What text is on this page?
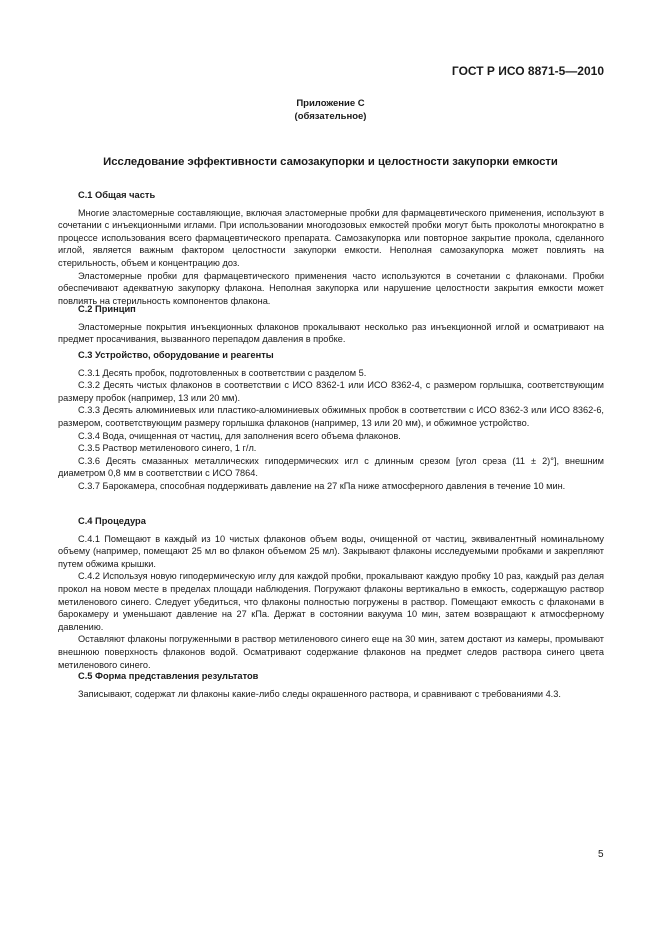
ГОСТ Р ИСО 8871-5—2010
Приложение С
(обязательное)
Исследование эффективности самозакупорки и целостности закупорки емкости
С.1 Общая часть

Многие эластомерные составляющие, включая эластомерные пробки для фармацевтического применения, используют в сочетании с инъекционными иглами. При использовании многодозовых емкостей пробки могут быть проколоты многократно в процессе использования всего фармацевтического препарата. Самозакупорка или повторное закрытие прокола, сделанного иглой, является важным фактором целостности закупорки емкости. Неполная самозакупорка может повлиять на стерильность, объем и концентрацию доз.

Эластомерные пробки для фармацевтического применения часто используются в сочетании с флаконами. Пробки обеспечивают адекватную закупорку флакона. Неполная закупорка или нарушение целостности закрытия емкости может повлиять на стерильность компонентов флакона.

С.2 Принцип

Эластомерные покрытия инъекционных флаконов прокалывают несколько раз инъекционной иглой и осматривают на предмет просачивания, вызванного перепадом давления в пробке.

С.3 Устройство, оборудование и реагенты

С.3.1 Десять пробок, подготовленных в соответствии с разделом 5.

С.3.2 Десять чистых флаконов в соответствии с ИСО 8362-1 или ИСО 8362-4, с размером горлышка, соответствующим размеру пробок (например, 13 или 20 мм).

С.3.3 Десять алюминиевых или пластико-алюминиевых обжимных пробок в соответствии с ИСО 8362-3 или ИСО 8362-6, размером, соответствующим размеру горлышка флаконов (например, 13 или 20 мм), и обжимное устройство.

С.3.4 Вода, очищенная от частиц, для заполнения всего объема флаконов.

С.3.5 Раствор метиленового синего, 1 г/л.

С.3.6 Десять смазанных металлических гиподермических игл с длинным срезом [угол среза (11 ± 2)°], внешним диаметром 0,8 мм в соответствии с ИСО 7864.

С.3.7 Барокамера, способная поддерживать давление на 27 кПа ниже атмосферного давления в течение 10 мин.

С.4 Процедура

С.4.1 Помещают в каждый из 10 чистых флаконов объем воды, очищенной от частиц, эквивалентный номинальному объему (например, помещают 25 мл во флакон объемом 25 мл). Закрывают флаконы исследуемыми пробками и закрепляют путем обжима крышки.

С.4.2 Используя новую гиподермическую иглу для каждой пробки, прокалывают каждую пробку 10 раз, каждый раз делая прокол на новом месте в пределах площади наблюдения. Погружают флаконы вертикально в емкость, содержащую раствор метиленового синего. Следует убедиться, что флаконы полностью погружены в раствор. Помещают емкость с флаконами в барокамеру и уменьшают давление на 27 кПа. Держат в состоянии вакуума 10 мин, затем возвращают к атмосферному давлению.

Оставляют флаконы погруженными в раствор метиленового синего еще на 30 мин, затем достают из камеры, промывают внешнюю поверхность флаконов водой. Осматривают содержание флаконов на предмет следов раствора синего цвета метиленового синего.

С.5 Форма представления результатов

Записывают, содержат ли флаконы какие-либо следы окрашенного раствора, и сравнивают с требованиями 4.3.

5
